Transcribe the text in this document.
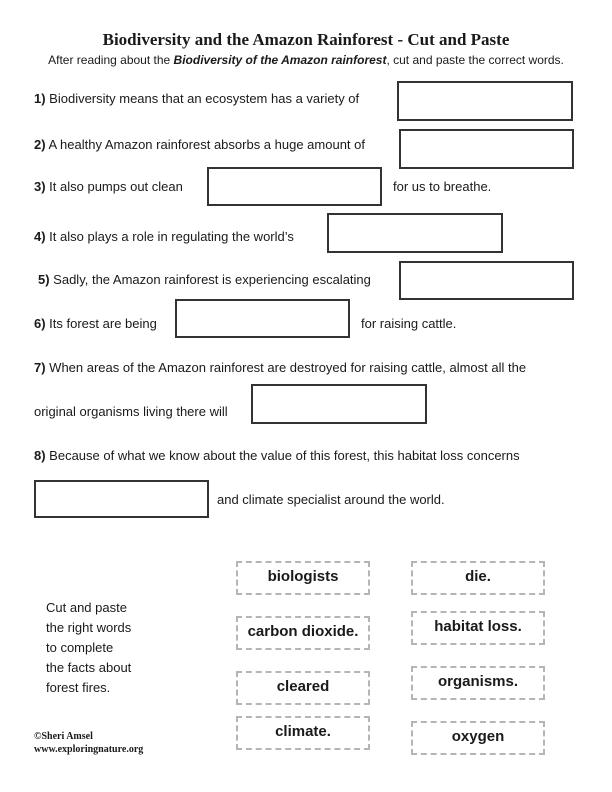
Biodiversity and the Amazon Rainforest - Cut and Paste
After reading about the Biodiversity of the Amazon rainforest, cut and paste the correct words.
1) Biodiversity means that an ecosystem has a variety of
2) A healthy Amazon rainforest absorbs a huge amount of
3) It also pumps out clean	for us to breathe.
4) It also plays a role in regulating the world’s
5) Sadly, the Amazon rainforest is experiencing escalating
6) Its forest are being	for raising cattle.
7) When areas of the Amazon rainforest are destroyed for raising cattle, almost all the
original organisms living there will
8) Because of what we know about the value of this forest, this habitat loss concerns
and climate specialist around the world.
biologists
carbon dioxide.
cleared
climate.
die.
habitat loss.
organisms.
oxygen
Cut and paste
the right words
to complete
the facts about
forest fires.
©Sheri Amsel
www.exploringnature.org
